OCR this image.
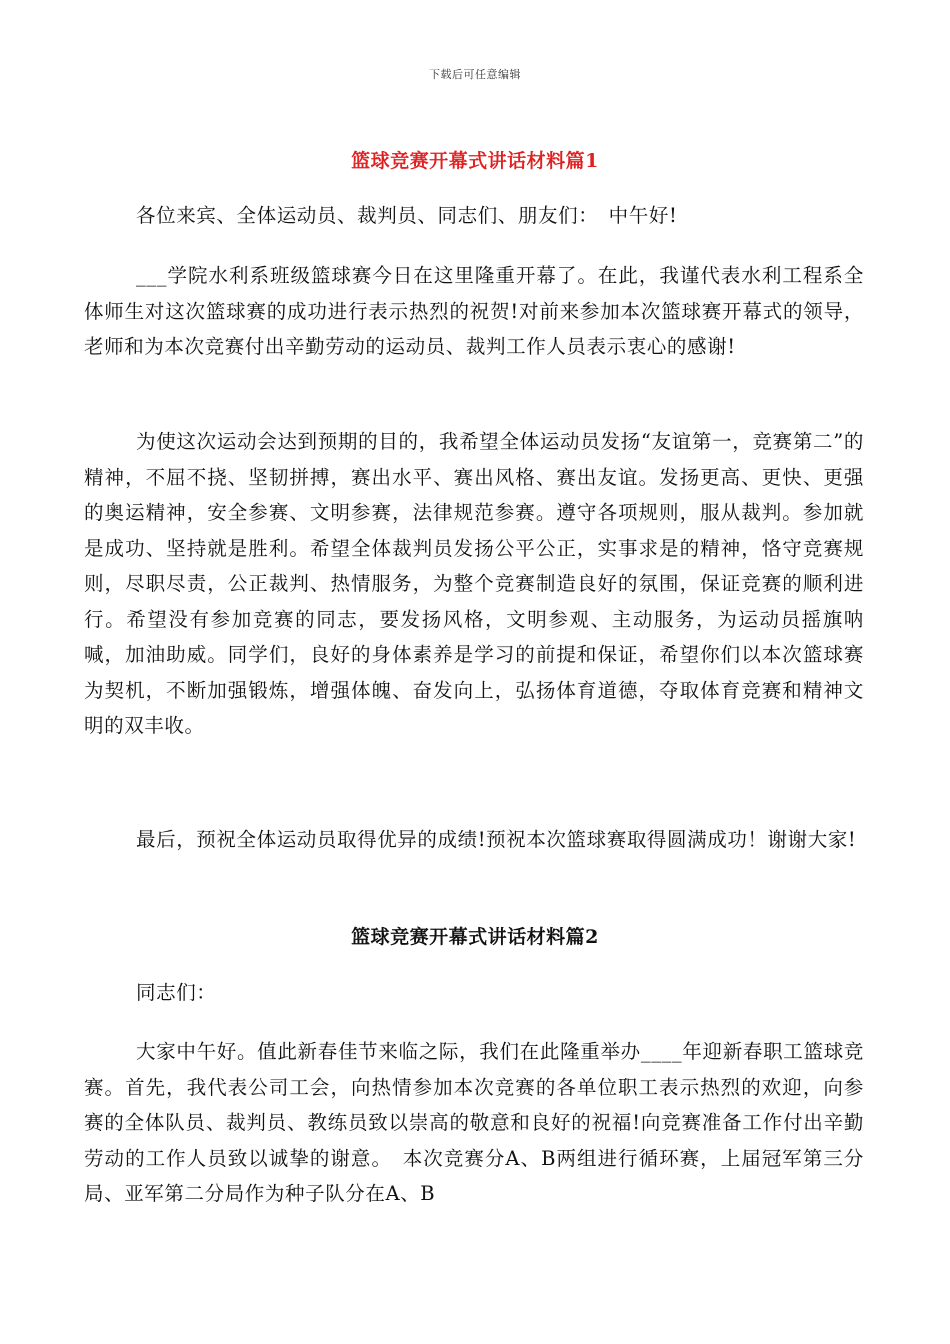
下载后可任意编辑
篮球竞赛开幕式讲话材料篇1

各位来宾、全体运动员、裁判员、同志们、朋友们：　中午好!

___学院水利系班级篮球赛今日在这里隆重开幕了。在此，我谨代表水利工程系全体师生对这次篮球赛的成功进行表示热烈的祝贺!对前来参加本次篮球赛开幕式的领导，老师和为本次竞赛付出辛勤劳动的运动员、裁判工作人员表示衷心的感谢!

为使这次运动会达到预期的目的，我希望全体运动员发扬“友谊第一，竞赛第二”的精神，不屈不挠、坚韧拼搏，赛出水平、赛出风格、赛出友谊。发扬更高、更快、更强的奥运精神，安全参赛、文明参赛，法律规范参赛。遵守各项规则，服从裁判。参加就是成功、坚持就是胜利。希望全体裁判员发扬公平公正，实事求是的精神，恪守竞赛规则，尽职尽责，公正裁判、热情服务，为整个竞赛制造良好的氛围，保证竞赛的顺利进行。希望没有参加竞赛的同志，要发扬风格，文明参观、主动服务，为运动员摇旗呐喊，加油助威。同学们，良好的身体素养是学习的前提和保证，希望你们以本次篮球赛为契机，不断加强锻炼，增强体魄、奋发向上，弘扬体育道德，夺取体育竞赛和精神文明的双丰收。

最后，预祝全体运动员取得优异的成绩!预祝本次篮球赛取得圆满成功！谢谢大家!

篮球竞赛开幕式讲话材料篇2

同志们：

大家中午好。值此新春佳节来临之际，我们在此隆重举办____年迎新春职工篮球竞赛。首先，我代表公司工会，向热情参加本次竞赛的各单位职工表示热烈的欢迎，向参赛的全体队员、裁判员、教练员致以崇高的敬意和良好的祝福!向竞赛准备工作付出辛勤劳动的工作人员致以诚挚的谢意。　本次竞赛分A、B两组进行循环赛，上届冠军第三分局、亚军第二分局作为种子队分在A、B
